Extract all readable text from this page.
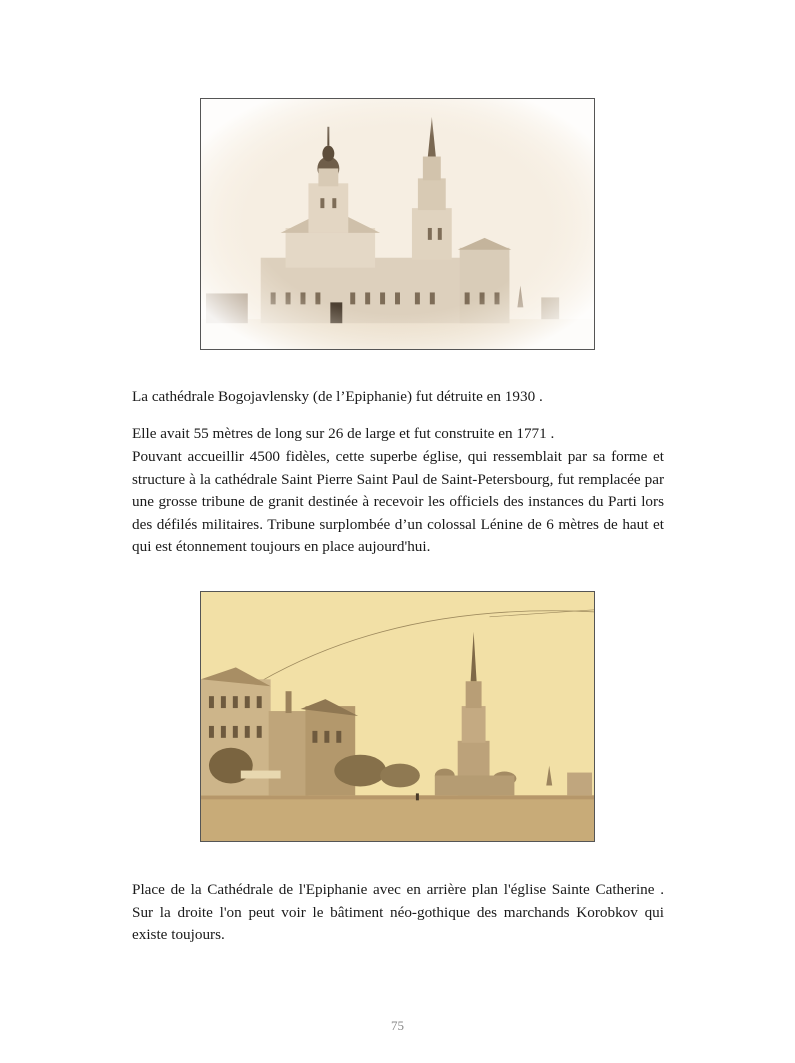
La cathédrale Bogojavlensky (de l’Epiphanie) fut détruite en 1930 .

Elle avait 55 mètres de long sur 26 de large et fut construite en 1771 .

Pouvant accueillir 4500 fidèles, cette superbe église, qui ressemblait par sa forme et structure à la cathédrale Saint Pierre Saint Paul de Saint-Petersbourg, fut remplacée par une grosse tribune de granit destinée à recevoir les officiels des instances du Parti lors des défilés militaires. Tribune surplombée d’un colossal Lénine de 6 mètres de haut et qui est étonnement toujours en place aujourd'hui.

Place de la Cathédrale de l'Epiphanie avec en arrière plan l'église Sainte Catherine . Sur la droite l'on peut voir le bâtiment néo-gothique des marchands Korobkov qui existe toujours.

75
